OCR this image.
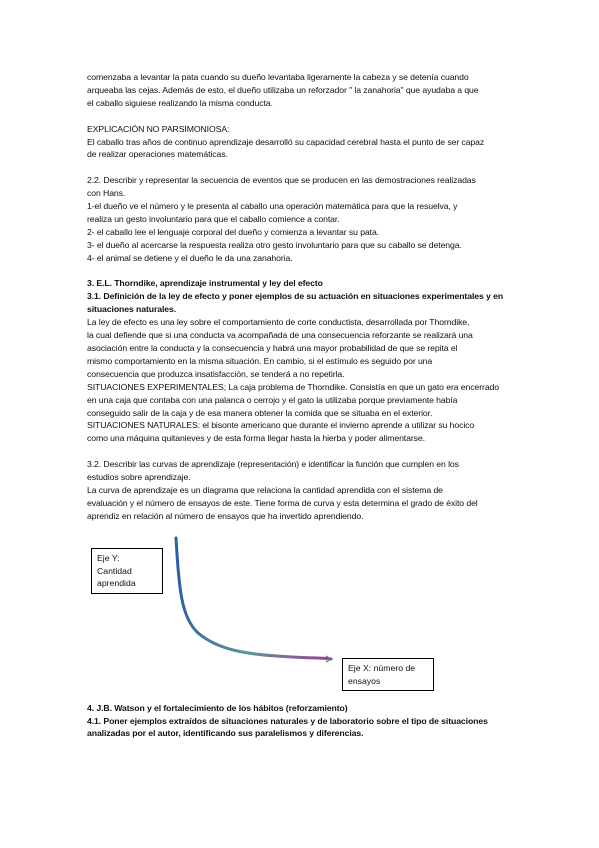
comenzaba a levantar la pata cuando su dueño levantaba ligeramente la cabeza y se detenía cuando

arqueaba las cejas. Además de esto, el dueño utilizaba un reforzador " la zanahoria" que ayudaba a que

el caballo siguiese realizando la misma conducta.

EXPLICACIÓN NO PARSIMONIOSA:

El caballo tras años de continuo aprendizaje desarrolló su capacidad cerebral hasta el punto de ser capaz

de realizar operaciones matemáticas.

2.2. Describir y representar la secuencia de eventos que se producen en las demostraciones realizadas

con Hans.

1-el dueño ve el número y le presenta al caballo una operación matemática para que la resuelva, y

realiza un gesto involuntario para que el caballo comience a contar.

2- el caballo lee el lenguaje corporal del dueño y comienza a levantar su pata.

3- el dueño al acercarse la respuesta realiza otro gesto involuntario para que su caballo se detenga.

4- el animal se detiene y el dueño le da una zanahoria.

3. E.L. Thorndike, aprendizaje instrumental y ley del efecto

3.1. Definición de la ley de efecto y poner ejemplos de su actuación en situaciones experimentales y en

situaciones naturales.

La ley de efecto es una ley sobre el comportamiento de corte conductista, desarrollada por Thorndike,

la cual defiende que si una conducta va acompañada de una consecuencia reforzante se realizará una

asociación entre la conducta y la consecuencia y habrá una mayor probabilidad de que se repita el

mismo comportamiento en la misma situación. En cambio, si el estímulo es seguido por una

consecuencia que produzca insatisfacción, se tenderá a no repetirla.

SITUACIONES EXPERIMENTALES; La caja problema de Thorndike. Consistía en que un gato era encerrado

en una caja que contaba con una palanca o cerrojo y el gato la utilizaba porque previamente había

conseguido salir de la caja y de esa manera obtener la comida que se situaba en el exterior.

SITUACIONES NATURALES: el bisonte americano que durante el invierno aprende a utilizar su hocico

como una máquina quitanieves y de esta forma llegar hasta la hierba y poder alimentarse.

3.2. Describir las curvas de aprendizaje (representación) e identificar la función que cumplen en los

estudios sobre aprendizaje.

La curva de aprendizaje es un diagrama que relaciona la cantidad aprendida con el sistema de

evaluación y el número de ensayos de este. Tiene forma de curva y esta determina el grado de éxito del

aprendiz en relación al número de ensayos que ha invertido aprendiendo.

Eje Y:
Cantidad
aprendida
Eje X: número de
ensayos

4. J.B. Watson y el fortalecimiento de los hábitos (reforzamiento)

4.1. Poner ejemplos extraídos de situaciones naturales y de laboratorio sobre el tipo de situaciones

analizadas por el autor, identificando sus paralelismos y diferencias.
